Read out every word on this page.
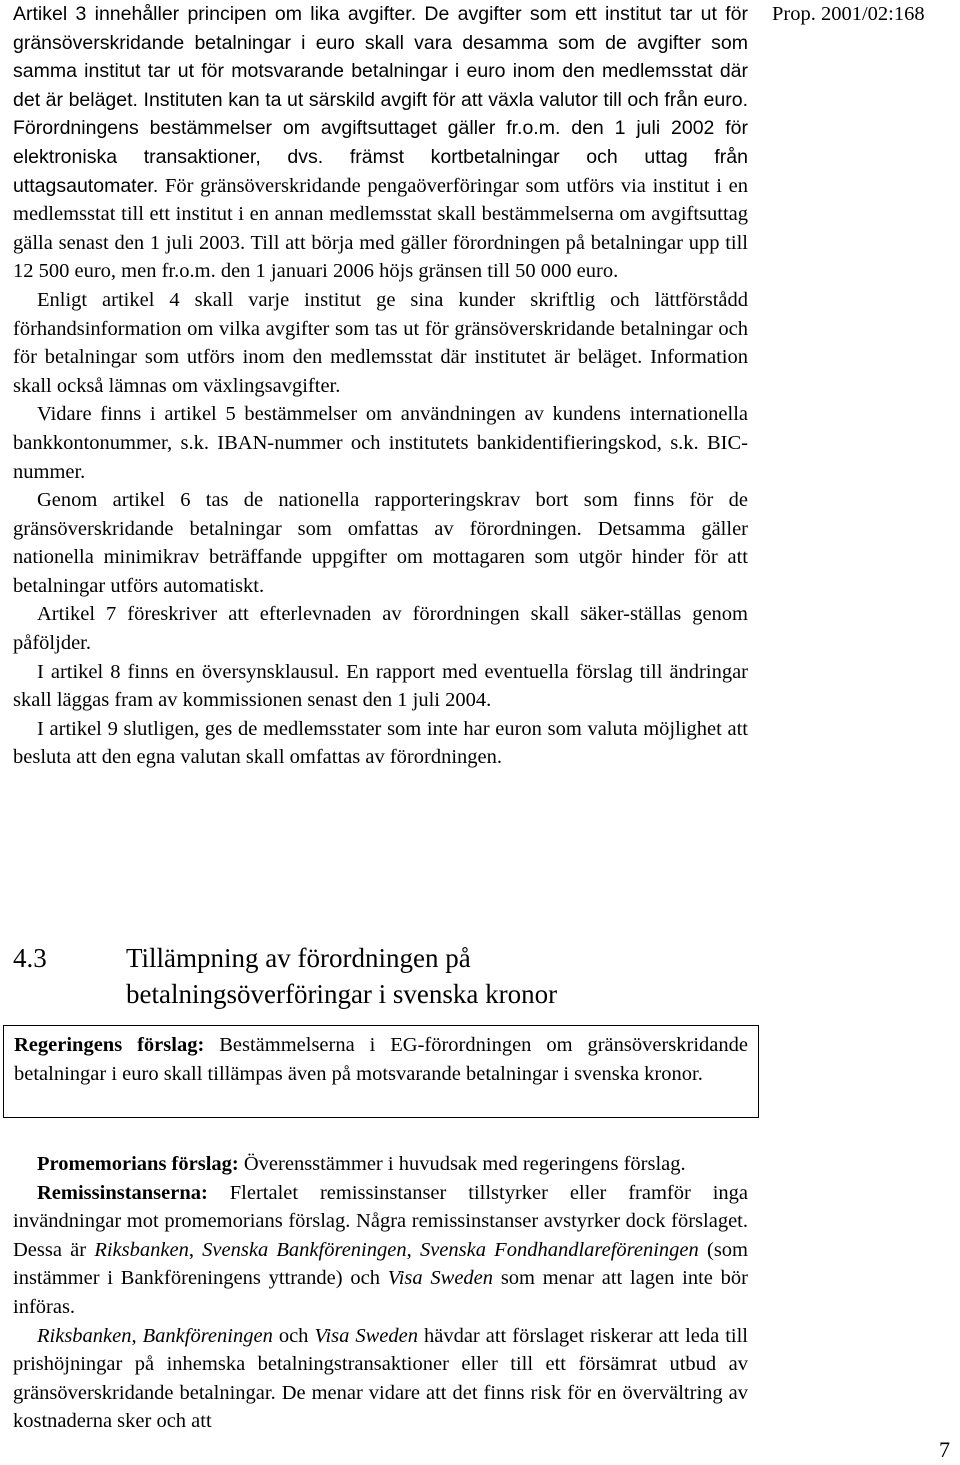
Prop. 2001/02:168

Artikel 3 innehåller principen om lika avgifter. De avgifter som ett institut tar ut för gränsöverskridande betalningar i euro skall vara desamma som de avgifter som samma institut tar ut för motsvarande betalningar i euro inom den medlemsstat där det är beläget. Instituten kan ta ut särskild avgift för att växla valutor till och från euro. Förordningens bestämmelser om avgiftsuttaget gäller fr.o.m. den 1 juli 2002 för elektroniska transaktioner, dvs. främst kortbetalningar och uttag från uttagsautomater. För gränsöverskridande pengaöverföringar som utförs via institut i en medlemsstat till ett institut i en annan medlemsstat skall bestämmelserna om avgiftsuttag gälla senast den 1 juli 2003. Till att börja med gäller förordningen på betalningar upp till 12 500 euro, men fr.o.m. den 1 januari 2006 höjs gränsen till 50 000 euro.

Enligt artikel 4 skall varje institut ge sina kunder skriftlig och lättförstådd förhandsinformation om vilka avgifter som tas ut för gränsöverskridande betalningar och för betalningar som utförs inom den medlemsstat där institutet är beläget. Information skall också lämnas om växlingsavgifter.

Vidare finns i artikel 5 bestämmelser om användningen av kundens internationella bankkontonummer, s.k. IBAN-nummer och institutets bankidentifieringskod, s.k. BIC-nummer.

Genom artikel 6 tas de nationella rapporteringskrav bort som finns för de gränsöverskridande betalningar som omfattas av förordningen. Detsamma gäller nationella minimikrav beträffande uppgifter om mottagaren som utgör hinder för att betalningar utförs automatiskt.

Artikel 7 föreskriver att efterlevnaden av förordningen skall säker-ställas genom påföljder.

I artikel 8 finns en översynsklausul. En rapport med eventuella förslag till ändringar skall läggas fram av kommissionen senast den 1 juli 2004.

I artikel 9 slutligen, ges de medlemsstater som inte har euron som valuta möjlighet att besluta att den egna valutan skall omfattas av förordningen.

4.3	Tillämpning av förordningen på
betalningsöverföringar i svenska kronor

Regeringens förslag: Bestämmelserna i EG-förordningen om gränsöverskridande betalningar i euro skall tillämpas även på motsvarande betalningar i svenska kronor.

Promemorians förslag: Överensstämmer i huvudsak med regeringens förslag.

Remissinstanserna: Flertalet remissinstanser tillstyrker eller framför inga invändningar mot promemorians förslag. Några remissinstanser avstyrker dock förslaget. Dessa är Riksbanken, Svenska Bankföreningen, Svenska Fondhandlareföreningen (som instämmer i Bankföreningens yttrande) och Visa Sweden som menar att lagen inte bör införas.

Riksbanken, Bankföreningen och Visa Sweden hävdar att förslaget riskerar att leda till prishöjningar på inhemska betalningstransaktioner eller till ett försämrat utbud av gränsöverskridande betalningar. De menar vidare att det finns risk för en övervältring av kostnaderna sker och att

7
